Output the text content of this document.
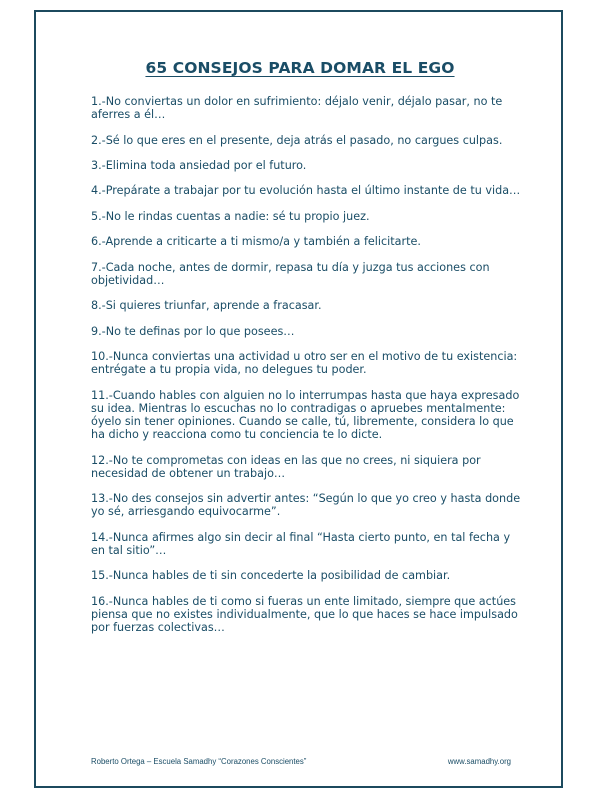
65 CONSEJOS PARA DOMAR EL EGO

1.-No conviertas un dolor en sufrimiento: déjalo venir, déjalo pasar, no te aferres a él…

2.-Sé lo que eres en el presente, deja atrás el pasado, no cargues culpas.

3.-Elimina toda ansiedad por el futuro.

4.-Prepárate a trabajar por tu evolución hasta el último instante de tu vida…

5.-No le rindas cuentas a nadie: sé tu propio juez.

6.-Aprende a criticarte a ti mismo/a y también a felicitarte.

7.-Cada noche, antes de dormir, repasa tu día y juzga tus acciones con objetividad…

8.-Si quieres triunfar, aprende a fracasar.

9.-No te definas por lo que posees…

10.-Nunca conviertas una actividad u otro ser en el motivo de tu existencia: entrégate a tu propia vida, no delegues tu poder.

11.-Cuando hables con alguien no lo interrumpas hasta que haya expresado su idea. Mientras lo escuchas no lo contradigas o apruebes mentalmente: óyelo sin tener opiniones. Cuando se calle, tú, libremente, considera lo que ha dicho y reacciona como tu conciencia te lo dicte.

12.-No te comprometas con ideas en las que no crees, ni siquiera por necesidad de obtener un trabajo…

13.-No des consejos sin advertir antes: “Según lo que yo creo y hasta donde yo sé, arriesgando equivocarme”.

14.-Nunca afirmes algo sin decir al final “Hasta cierto punto, en tal fecha y en tal sitio”…

15.-Nunca hables de ti sin concederte la posibilidad de cambiar.

16.-Nunca hables de ti como si fueras un ente limitado, siempre que actúes piensa que no existes individualmente, que lo que haces se hace impulsado por fuerzas colectivas…

Roberto Ortega – Escuela Samadhy “Corazones Conscientes”	www.samadhy.org
